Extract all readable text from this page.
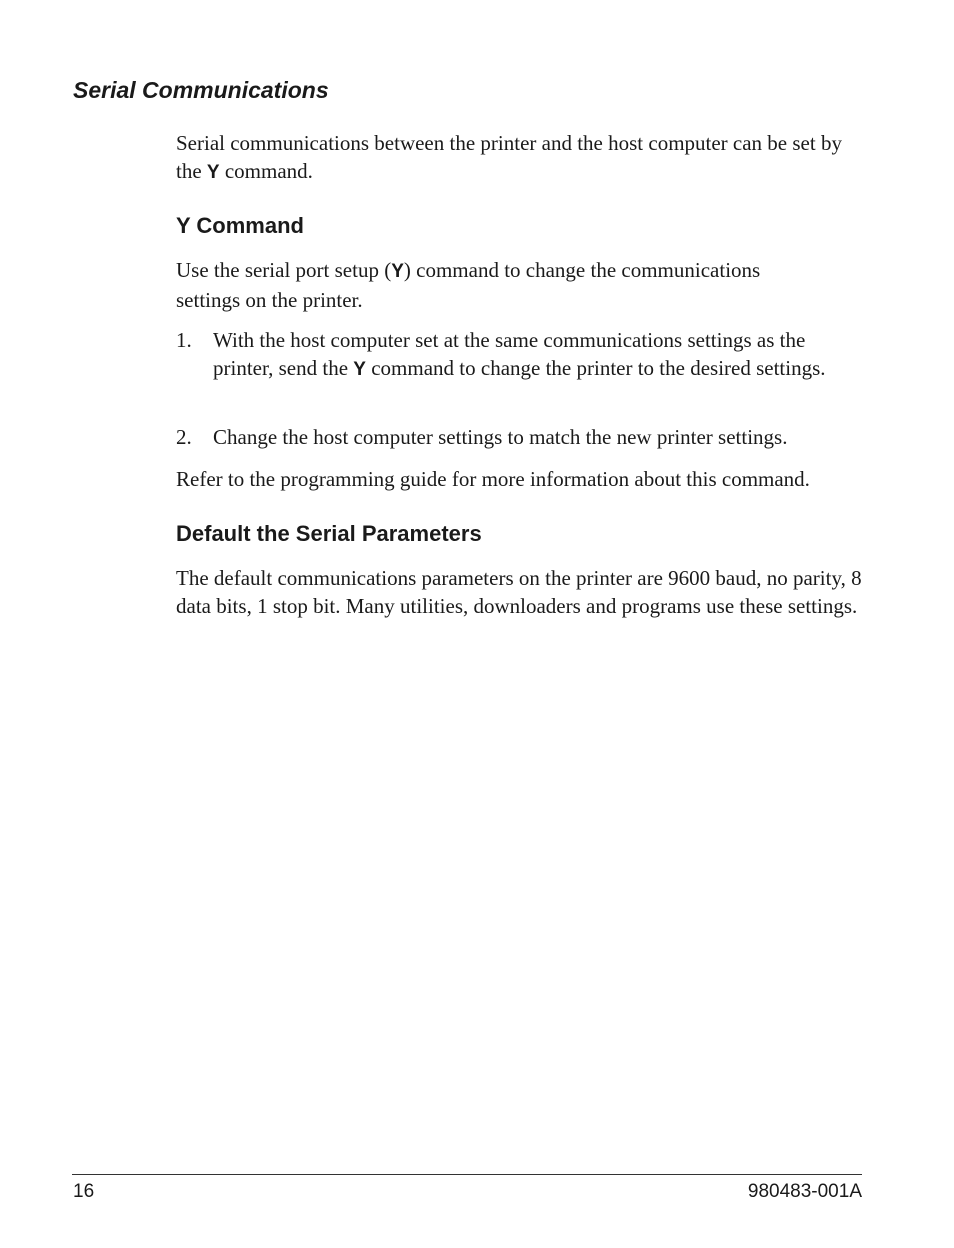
Serial Communications

Serial communications between the printer and the host computer can be set by the Y command.

Y Command

Use the serial port setup (Y) command to change the communications settings on the printer.

1. With the host computer set at the same communications settings as the printer, send the Y command to change the printer to the desired settings.
2. Change the host computer settings to match the new printer settings.

Refer to the programming guide for more information about this command.

Default the Serial Parameters

The default communications parameters on the printer are 9600 baud, no parity, 8 data bits, 1 stop bit. Many utilities, downloaders and programs use these settings.

16	980483-001A
